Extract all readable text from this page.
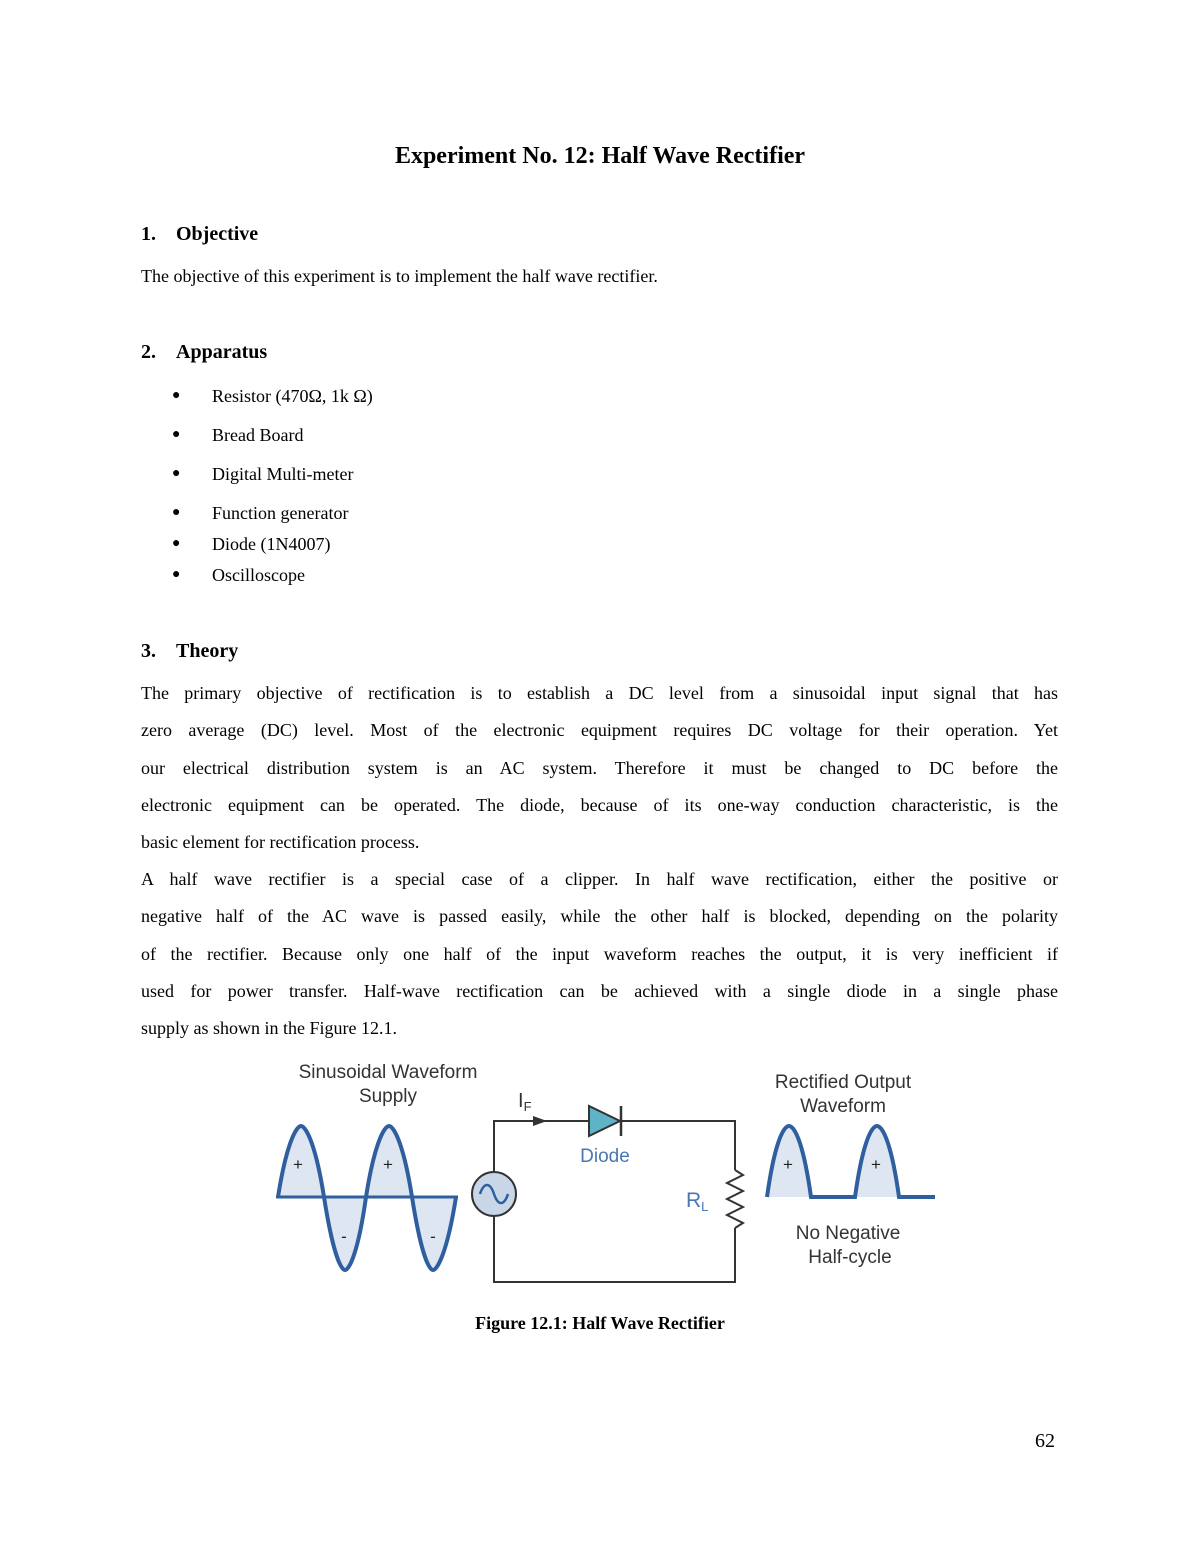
Experiment No. 12: Half Wave Rectifier
1. Objective
The objective of this experiment is to implement the half wave rectifier.
2. Apparatus
● Resistor (470Ω, 1k Ω)
● Bread Board
● Digital Multi-meter
● Function generator
● Diode (1N4007)
● Oscilloscope
3. Theory
The primary objective of rectification is to establish a DC level from a sinusoidal input signal that has
zero average (DC) level. Most of the electronic equipment requires DC voltage for their operation. Yet
our electrical distribution system is an AC system. Therefore it must be changed to DC before the
electronic equipment can be operated. The diode, because of its one-way conduction characteristic, is the
basic element for rectification process.
A half wave rectifier is a special case of a clipper. In half wave rectification, either the positive or
negative half of the AC wave is passed easily, while the other half is blocked, depending on the polarity
of the rectifier. Because only one half of the input waveform reaches the output, it is very inefficient if
used for power transfer. Half-wave rectification can be achieved with a single diode in a single phase
supply as shown in the Figure 12.1.
+	+
-	-
Sinusoidal Waveform
Supply	$I_F$
Diode
RL
+	+
Rectified Output
Waveform
No Negative
Half-cycle
Figure 12.1: Half Wave Rectifier
62
